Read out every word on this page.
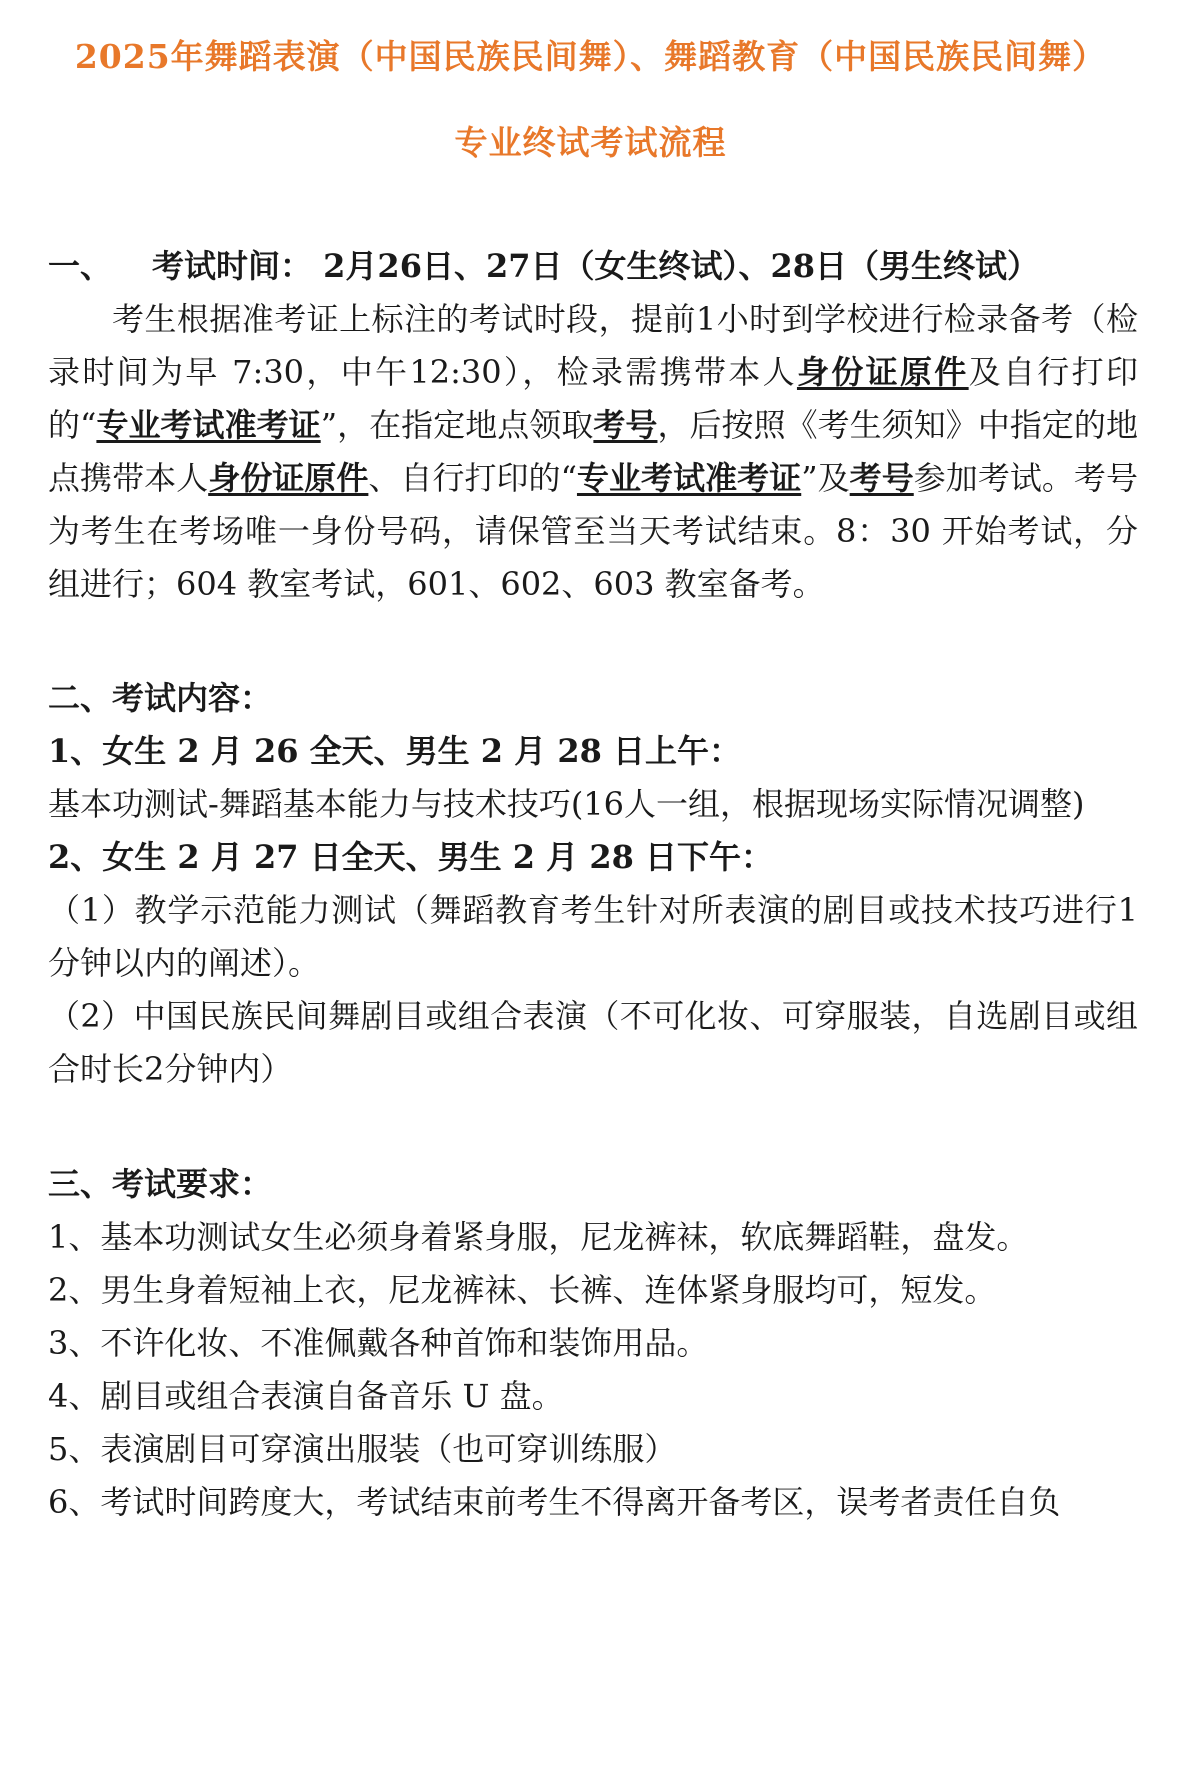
2025年舞蹈表演（中国民族民间舞）、舞蹈教育（中国民族民间舞）
专业终试考试流程

一、 考试时间： 2月26日、27日（女生终试）、28日（男生终试）

考生根据准考证上标注的考试时段，提前1小时到学校进行检录备考（检录时间为早 7:30，中午12:30），检录需携带本人身份证原件及自行打印的“专业考试准考证”，在指定地点领取考号，后按照《考生须知》中指定的地点携带本人身份证原件、自行打印的“专业考试准考证”及考号参加考试。考号为考生在考场唯一身份号码，请保管至当天考试结束。8：30 开始考试，分组进行；604 教室考试，601、602、603 教室备考。

二、考试内容：

1、女生 2 月 26 全天、男生 2 月 28 日上午：

基本功测试-舞蹈基本能力与技术技巧(16人一组，根据现场实际情况调整)

2、女生 2 月 27 日全天、男生 2 月 28 日下午：

（1）教学示范能力测试（舞蹈教育考生针对所表演的剧目或技术技巧进行1分钟以内的阐述）。

（2）中国民族民间舞剧目或组合表演（不可化妆、可穿服装，自选剧目或组合时长2分钟内）

三、考试要求：

1、基本功测试女生必须身着紧身服，尼龙裤袜，软底舞蹈鞋，盘发。

2、男生身着短袖上衣，尼龙裤袜、长裤、连体紧身服均可，短发。

3、不许化妆、不准佩戴各种首饰和装饰用品。

4、剧目或组合表演自备音乐 U 盘。

5、表演剧目可穿演出服装（也可穿训练服）

6、考试时间跨度大，考试结束前考生不得离开备考区，误考者责任自负
